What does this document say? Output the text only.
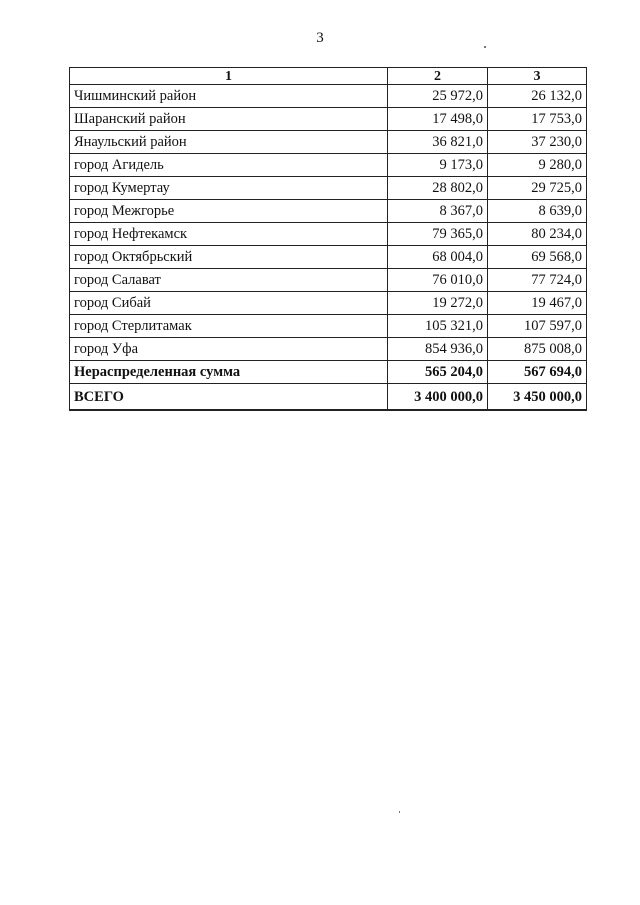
3
1	2	3
Чишминский район	25 972,0	26 132,0
Шаранский район	17 498,0	17 753,0
Янаульский район	36 821,0	37 230,0
город Агидель	9 173,0	9 280,0
город Кумертау	28 802,0	29 725,0
город Межгорье	8 367,0	8 639,0
город Нефтекамск	79 365,0	80 234,0
город Октябрьский	68 004,0	69 568,0
город Салават	76 010,0	77 724,0
город Сибай	19 272,0	19 467,0
город Стерлитамак	105 321,0	107 597,0
город Уфа	854 936,0	875 008,0
Нераспределенная сумма	565 204,0	567 694,0
ВСЕГО	3 400 000,0	3 450 000,0
